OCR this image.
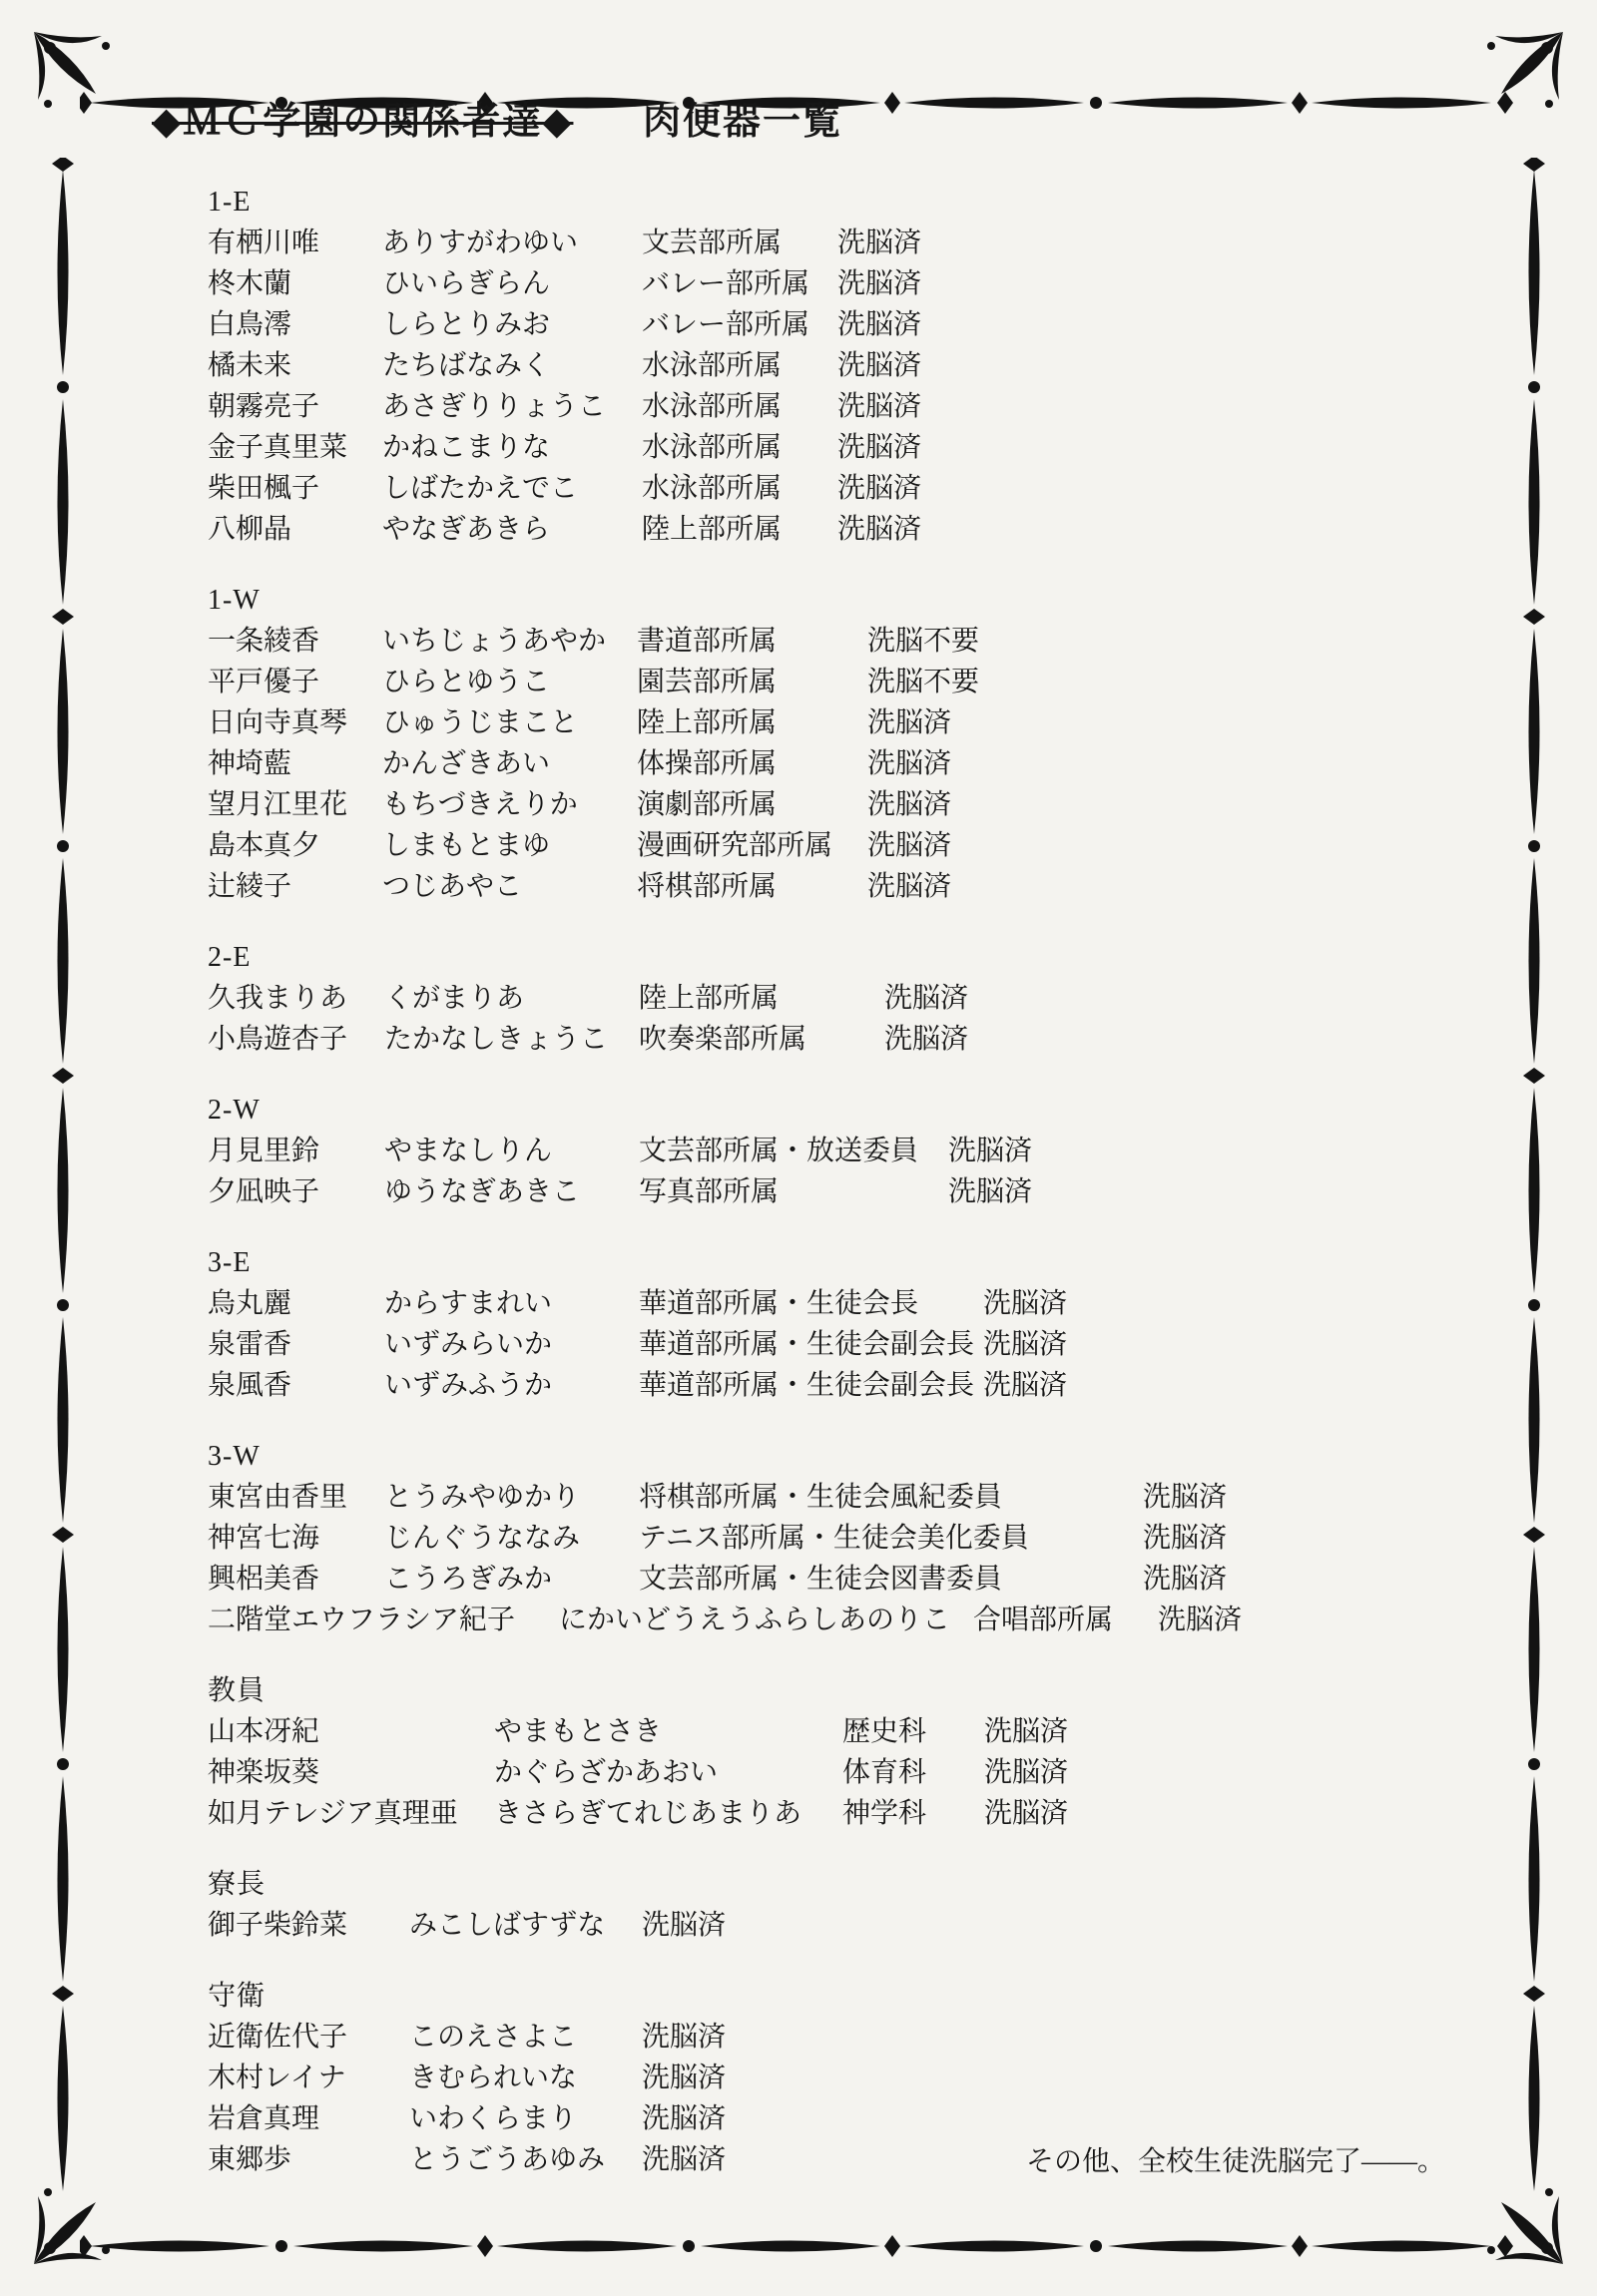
◆ＭＣ学園の関係者達◆ 肉便器一覧
1-E
有栖川唯	ありすがわゆい	文芸部所属	洗脳済
柊木蘭	ひいらぎらん	バレー部所属 洗脳済
白鳥澪	しらとりみお	バレー部所属 洗脳済
橘未来	たちばなみく	水泳部所属	洗脳済
朝霧亮子	あさぎりりょうこ	水泳部所属	洗脳済
金子真里菜	かねこまりな	水泳部所属	洗脳済
柴田楓子	しばたかえでこ	水泳部所属	洗脳済
八柳晶	やなぎあきら	陸上部所属	洗脳済
1-W
一条綾香	いちじょうあやか	書道部所属	洗脳不要
平戸優子	ひらとゆうこ	園芸部所属	洗脳不要
日向寺真琴	ひゅうじまこと	陸上部所属	洗脳済
神埼藍	かんざきあい	体操部所属	洗脳済
望月江里花	もちづきえりか	演劇部所属	洗脳済
島本真夕	しまもとまゆ	漫画研究部所属	洗脳済
辻綾子	つじあやこ	将棋部所属	洗脳済
2-E
久我まりあ	くがまりあ	陸上部所属	洗脳済
小鳥遊杏子	たかなしきょうこ	吹奏楽部所属	洗脳済
2-W
月見里鈴	やまなしりん	文芸部所属・放送委員	洗脳済
夕凪映子	ゆうなぎあきこ	写真部所属	洗脳済
3-E
烏丸麗	からすまれい	華道部所属・生徒会長	洗脳済
泉雷香	いずみらいか	華道部所属・生徒会副会長 洗脳済
泉風香	いずみふうか	華道部所属・生徒会副会長 洗脳済
3-W
東宮由香里	とうみやゆかり	将棋部所属・生徒会風紀委員	洗脳済
神宮七海	じんぐうななみ	テニス部所属・生徒会美化委員	洗脳済
興梠美香	こうろぎみか	文芸部所属・生徒会図書委員	洗脳済
二階堂エウフラシア紀子	にかいどうえうふらしあのりこ 合唱部所属	洗脳済
教員
山本冴紀	やまもとさき	歴史科	洗脳済
神楽坂葵	かぐらざかあおい	体育科	洗脳済
如月テレジア真理亜	きさらぎてれじあまりあ	神学科	洗脳済
寮長
御子柴鈴菜	みこしばすずな	洗脳済
守衛
近衛佐代子	このえさよこ	洗脳済
木村レイナ	きむられいな	洗脳済
岩倉真理	いわくらまり	洗脳済
東郷歩	とうごうあゆみ	洗脳済	その他、全校生徒洗脳完了——。
